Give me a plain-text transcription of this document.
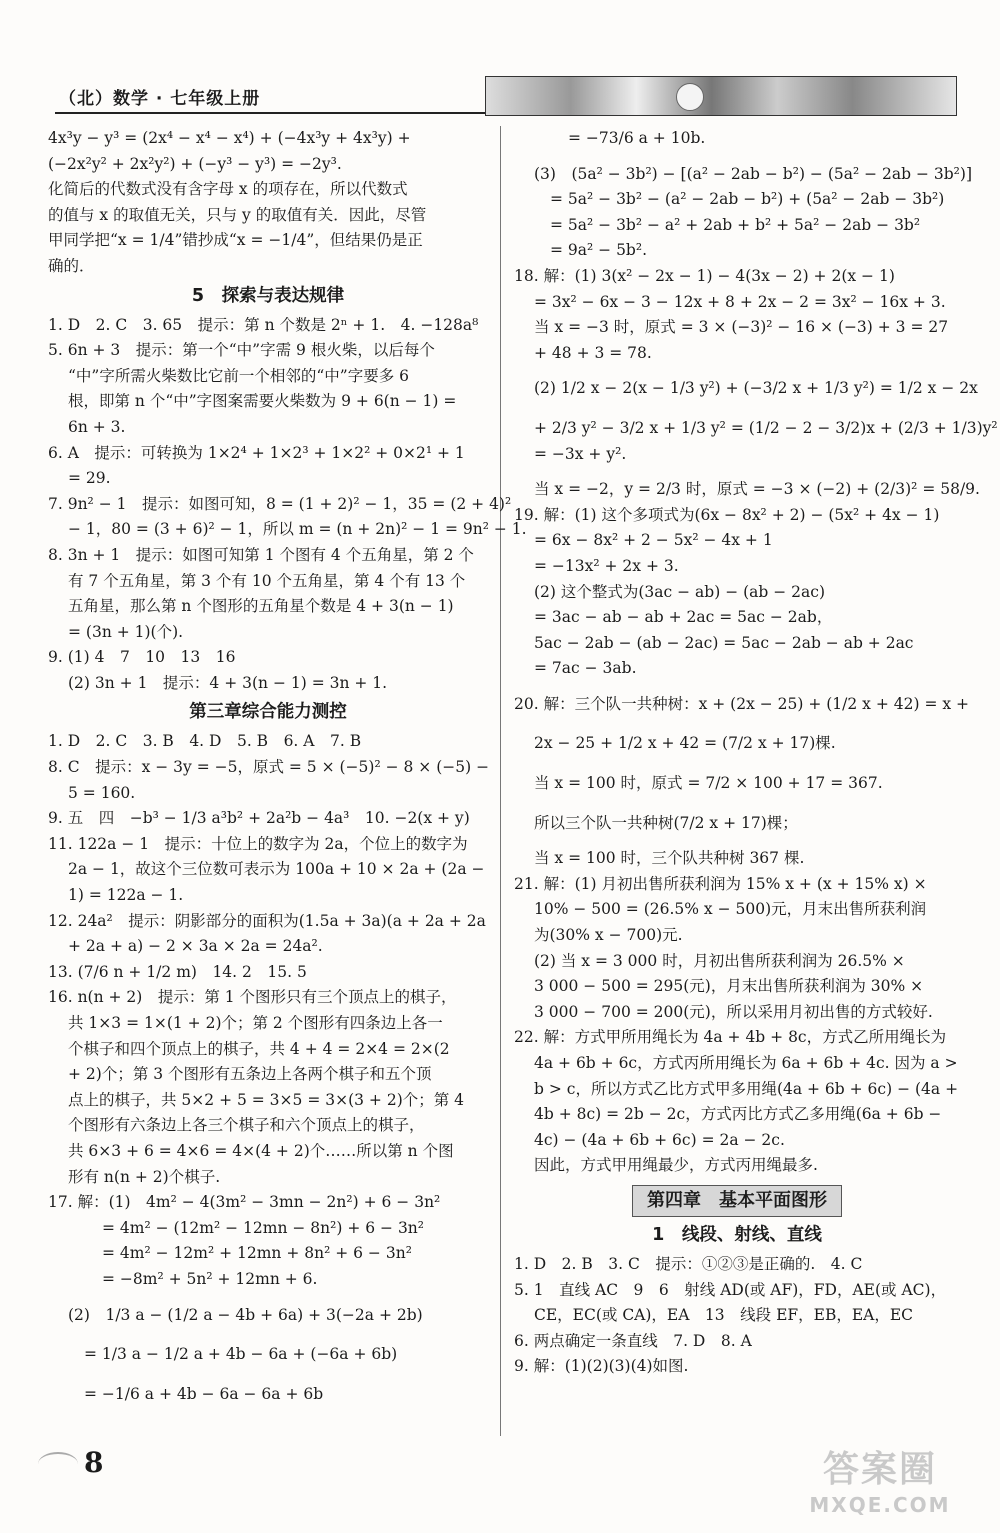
（北）数学 · 七年级上册
4x³y − y³ = (2x⁴ − x⁴ − x⁴) + (−4x³y + 4x³y) +
(−2x²y² + 2x²y²) + (−y³ − y³) = −2y³.
化简后的代数式没有含字母 x 的项存在，所以代数式
的值与 x 的取值无关，只与 y 的取值有关．因此，尽管
甲同学把“x = 1/4”错抄成“x = −1/4”，但结果仍是正
确的．
5　探索与表达规律
1. D　2. C　3. 65　提示：第 n 个数是 2ⁿ + 1.　4. −128a⁸
5. 6n + 3　提示：第一个“中”字需 9 根火柴，以后每个
“中”字所需火柴数比它前一个相邻的“中”字要多 6
根，即第 n 个“中”字图案需要火柴数为 9 + 6(n − 1) =
6n + 3.
6. A　提示：可转换为 1×2⁴ + 1×2³ + 1×2² + 0×2¹ + 1
= 29.
7. 9n² − 1　提示：如图可知，8 = (1 + 2)² − 1，35 = (2 + 4)²
− 1，80 = (3 + 6)² − 1，所以 m = (n + 2n)² − 1 = 9n² − 1.
8. 3n + 1　提示：如图可知第 1 个图有 4 个五角星，第 2 个
有 7 个五角星，第 3 个有 10 个五角星，第 4 个有 13 个
五角星，那么第 n 个图形的五角星个数是 4 + 3(n − 1)
= (3n + 1)(个).
9. (1) 4　7　10　13　16
(2) 3n + 1　提示：4 + 3(n − 1) = 3n + 1.
第三章综合能力测控
1. D　2. C　3. B　4. D　5. B　6. A　7. B
8. C　提示：x − 3y = −5，原式 = 5 × (−5)² − 8 × (−5) −
5 = 160.
9. 五　四　−b³ − 1/3 a³b² + 2a²b − 4a³　10. −2(x + y)
11. 122a − 1　提示：十位上的数字为 2a，个位上的数字为
2a − 1，故这个三位数可表示为 100a + 10 × 2a + (2a −
1) = 122a − 1.
12. 24a²　提示：阴影部分的面积为(1.5a + 3a)(a + 2a + 2a
+ 2a + a) − 2 × 3a × 2a = 24a².
13. (7/6 n + 1/2 m)　14. 2　15. 5
16. n(n + 2)　提示：第 1 个图形只有三个顶点上的棋子，
共 1×3 = 1×(1 + 2)个；第 2 个图形有四条边上各一
个棋子和四个顶点上的棋子，共 4 + 4 = 2×4 = 2×(2
+ 2)个；第 3 个图形有五条边上各两个棋子和五个顶
点上的棋子，共 5×2 + 5 = 3×5 = 3×(3 + 2)个；第 4
个图形有六条边上各三个棋子和六个顶点上的棋子，
共 6×3 + 6 = 4×6 = 4×(4 + 2)个……所以第 n 个图
形有 n(n + 2)个棋子.
17. 解：(1)　4m² − 4(3m² − 3mn − 2n²) + 6 − 3n²
= 4m² − (12m² − 12mn − 8n²) + 6 − 3n²
= 4m² − 12m² + 12mn + 8n² + 6 − 3n²
= −8m² + 5n² + 12mn + 6.
(2)　1/3 a − (1/2 a − 4b + 6a) + 3(−2a + 2b)
= 1/3 a − 1/2 a + 4b − 6a + (−6a + 6b)
= −1/6 a + 4b − 6a − 6a + 6b
= −73/6 a + 10b.
(3)　(5a² − 3b²) − [(a² − 2ab − b²) − (5a² − 2ab − 3b²)]
= 5a² − 3b² − (a² − 2ab − b²) + (5a² − 2ab − 3b²)
= 5a² − 3b² − a² + 2ab + b² + 5a² − 2ab − 3b²
= 9a² − 5b².
18. 解：(1) 3(x² − 2x − 1) − 4(3x − 2) + 2(x − 1)
= 3x² − 6x − 3 − 12x + 8 + 2x − 2 = 3x² − 16x + 3.
当 x = −3 时，原式 = 3 × (−3)² − 16 × (−3) + 3 = 27
+ 48 + 3 = 78.
(2) 1/2 x − 2(x − 1/3 y²) + (−3/2 x + 1/3 y²) = 1/2 x − 2x
+ 2/3 y² − 3/2 x + 1/3 y² = (1/2 − 2 − 3/2)x + (2/3 + 1/3)y²
= −3x + y².
当 x = −2，y = 2/3 时，原式 = −3 × (−2) + (2/3)² = 58/9.
19. 解：(1) 这个多项式为(6x − 8x² + 2) − (5x² + 4x − 1)
= 6x − 8x² + 2 − 5x² − 4x + 1
= −13x² + 2x + 3.
(2) 这个整式为(3ac − ab) − (ab − 2ac)
= 3ac − ab − ab + 2ac = 5ac − 2ab，
5ac − 2ab − (ab − 2ac) = 5ac − 2ab − ab + 2ac
= 7ac − 3ab.
20. 解：三个队一共种树：x + (2x − 25) + (1/2 x + 42) = x +
2x − 25 + 1/2 x + 42 = (7/2 x + 17)棵.
当 x = 100 时，原式 = 7/2 × 100 + 17 = 367.
所以三个队一共种树(7/2 x + 17)棵；
当 x = 100 时，三个队共种树 367 棵.
21. 解：(1) 月初出售所获利润为 15% x + (x + 15% x) ×
10% − 500 = (26.5% x − 500)元，月末出售所获利润
为(30% x − 700)元.
(2) 当 x = 3 000 时，月初出售所获利润为 26.5% ×
3 000 − 500 = 295(元)，月末出售所获利润为 30% ×
3 000 − 700 = 200(元)，所以采用月初出售的方式较好.
22. 解：方式甲所用绳长为 4a + 4b + 8c，方式乙所用绳长为
4a + 6b + 6c，方式丙所用绳长为 6a + 6b + 4c. 因为 a >
b > c，所以方式乙比方式甲多用绳(4a + 6b + 6c) − (4a +
4b + 8c) = 2b − 2c，方式丙比方式乙多用绳(6a + 6b −
4c) − (4a + 6b + 6c) = 2a − 2c.
因此，方式甲用绳最少，方式丙用绳最多.
第四章　基本平面图形
1　线段、射线、直线
1. D　2. B　3. C　提示：①②③是正确的.　4. C
5. 1　直线 AC　9　6　射线 AD(或 AF)，FD，AE(或 AC)，
CE，EC(或 CA)，EA　13　线段 EF，EB，EA，EC
6. 两点确定一条直线　7. D　8. A
9. 解：(1)(2)(3)(4)如图.
8	答案圈
MXQE.COM
